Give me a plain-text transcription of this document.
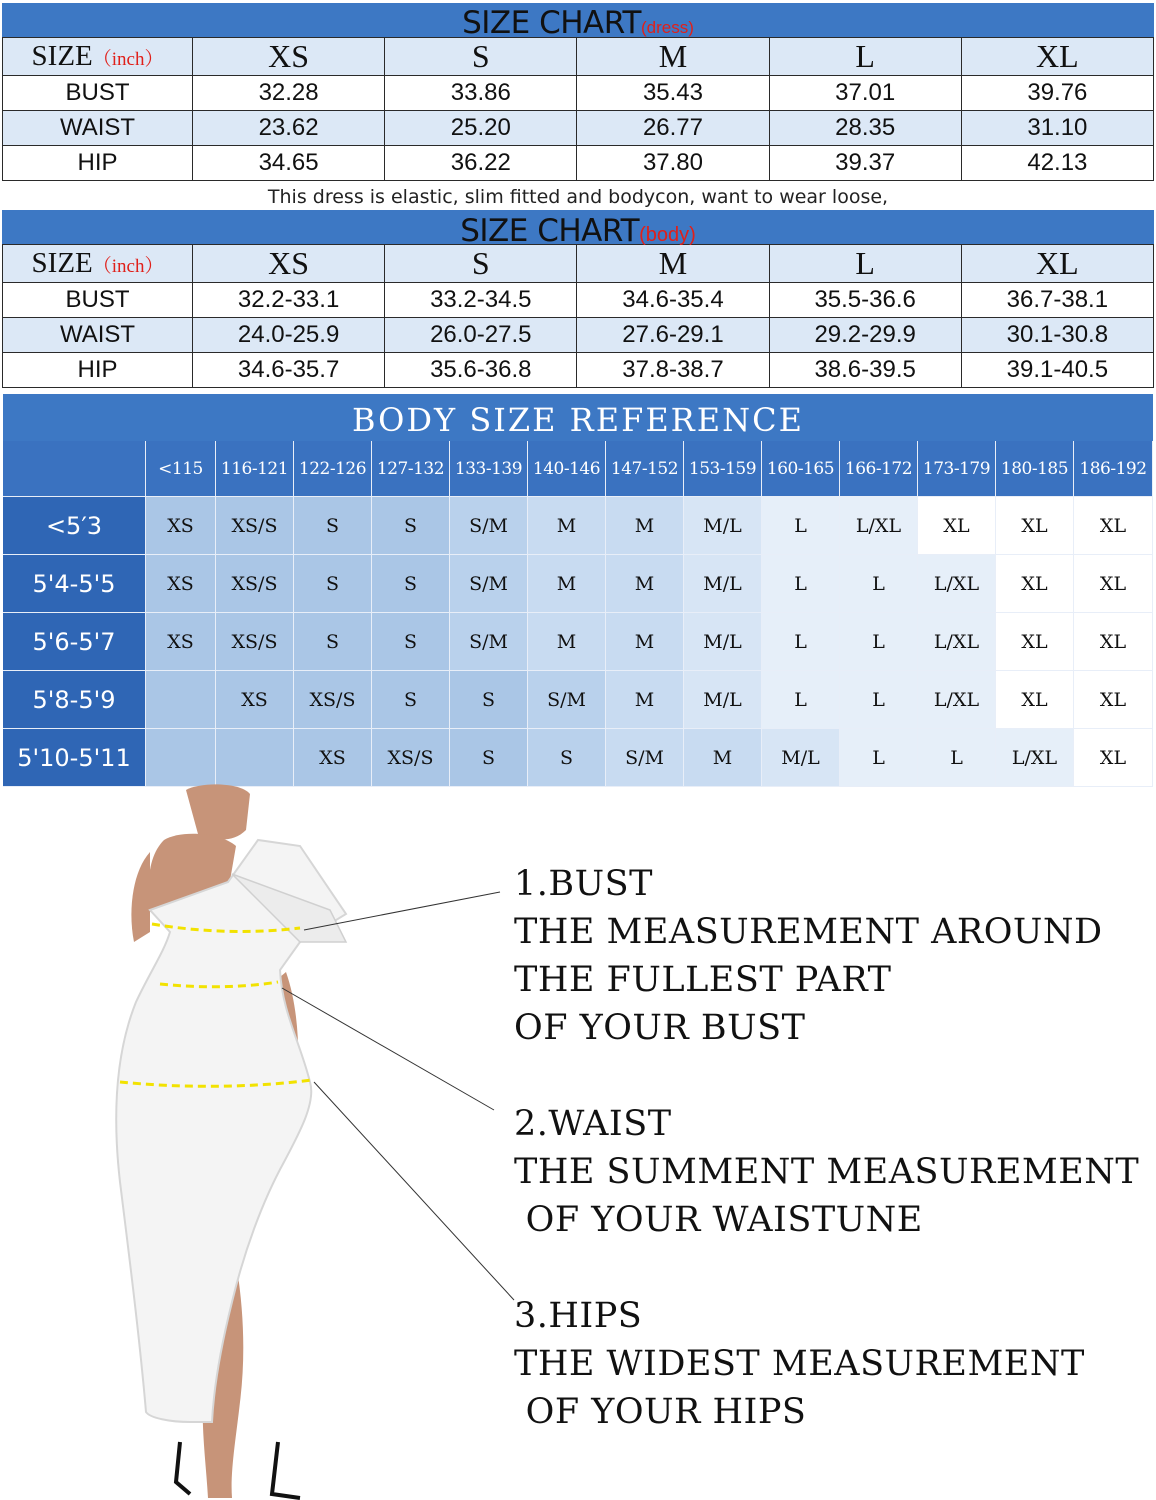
SIZE CHART(dress)
SIZE（inch）	XS	S	M	L	XL
BUST	32.28	33.86	35.43	37.01	39.76
WAIST	23.62	25.20	26.77	28.35	31.10
HIP	34.65	36.22	37.80	39.37	42.13
This dress is elastic, slim fitted and bodycon, want to wear loose,
SIZE CHART(body)
SIZE（inch）	XS	S	M	L	XL
BUST	32.2-33.1	33.2-34.5	34.6-35.4	35.5-36.6	36.7-38.1
WAIST	24.0-25.9	26.0-27.5	27.6-29.1	29.2-29.9	30.1-30.8
HIP	34.6-35.7	35.6-36.8	37.8-38.7	38.6-39.5	39.1-40.5
BODY SIZE REFERENCE
	<115	116-121	122-126	127-132	133-139	140-146	147-152	153-159	160-165	166-172	173-179	180-185	186-192
<5′3	XS	XS/S	S	S	S/M	M	M	M/L	L	L/XL	XL	XL	XL
5'4-5'5	XS	XS/S	S	S	S/M	M	M	M/L	L	L	L/XL	XL	XL
5'6-5'7	XS	XS/S	S	S	S/M	M	M	M/L	L	L	L/XL	XL	XL
5'8-5'9		XS	XS/S	S	S	S/M	M	M/L	L	L	L/XL	XL	XL
5'10-5'11			XS	XS/S	S	S	S/M	M	M/L	L	L	L/XL	XL
1.BUST
THE MEASUREMENT AROUND
THE FULLEST PART
OF YOUR BUST
2.WAIST
THE SUMMENT MEASUREMENT
OF YOUR WAISTUNE
3.HIPS
THE WIDEST MEASUREMENT
OF YOUR HIPS
